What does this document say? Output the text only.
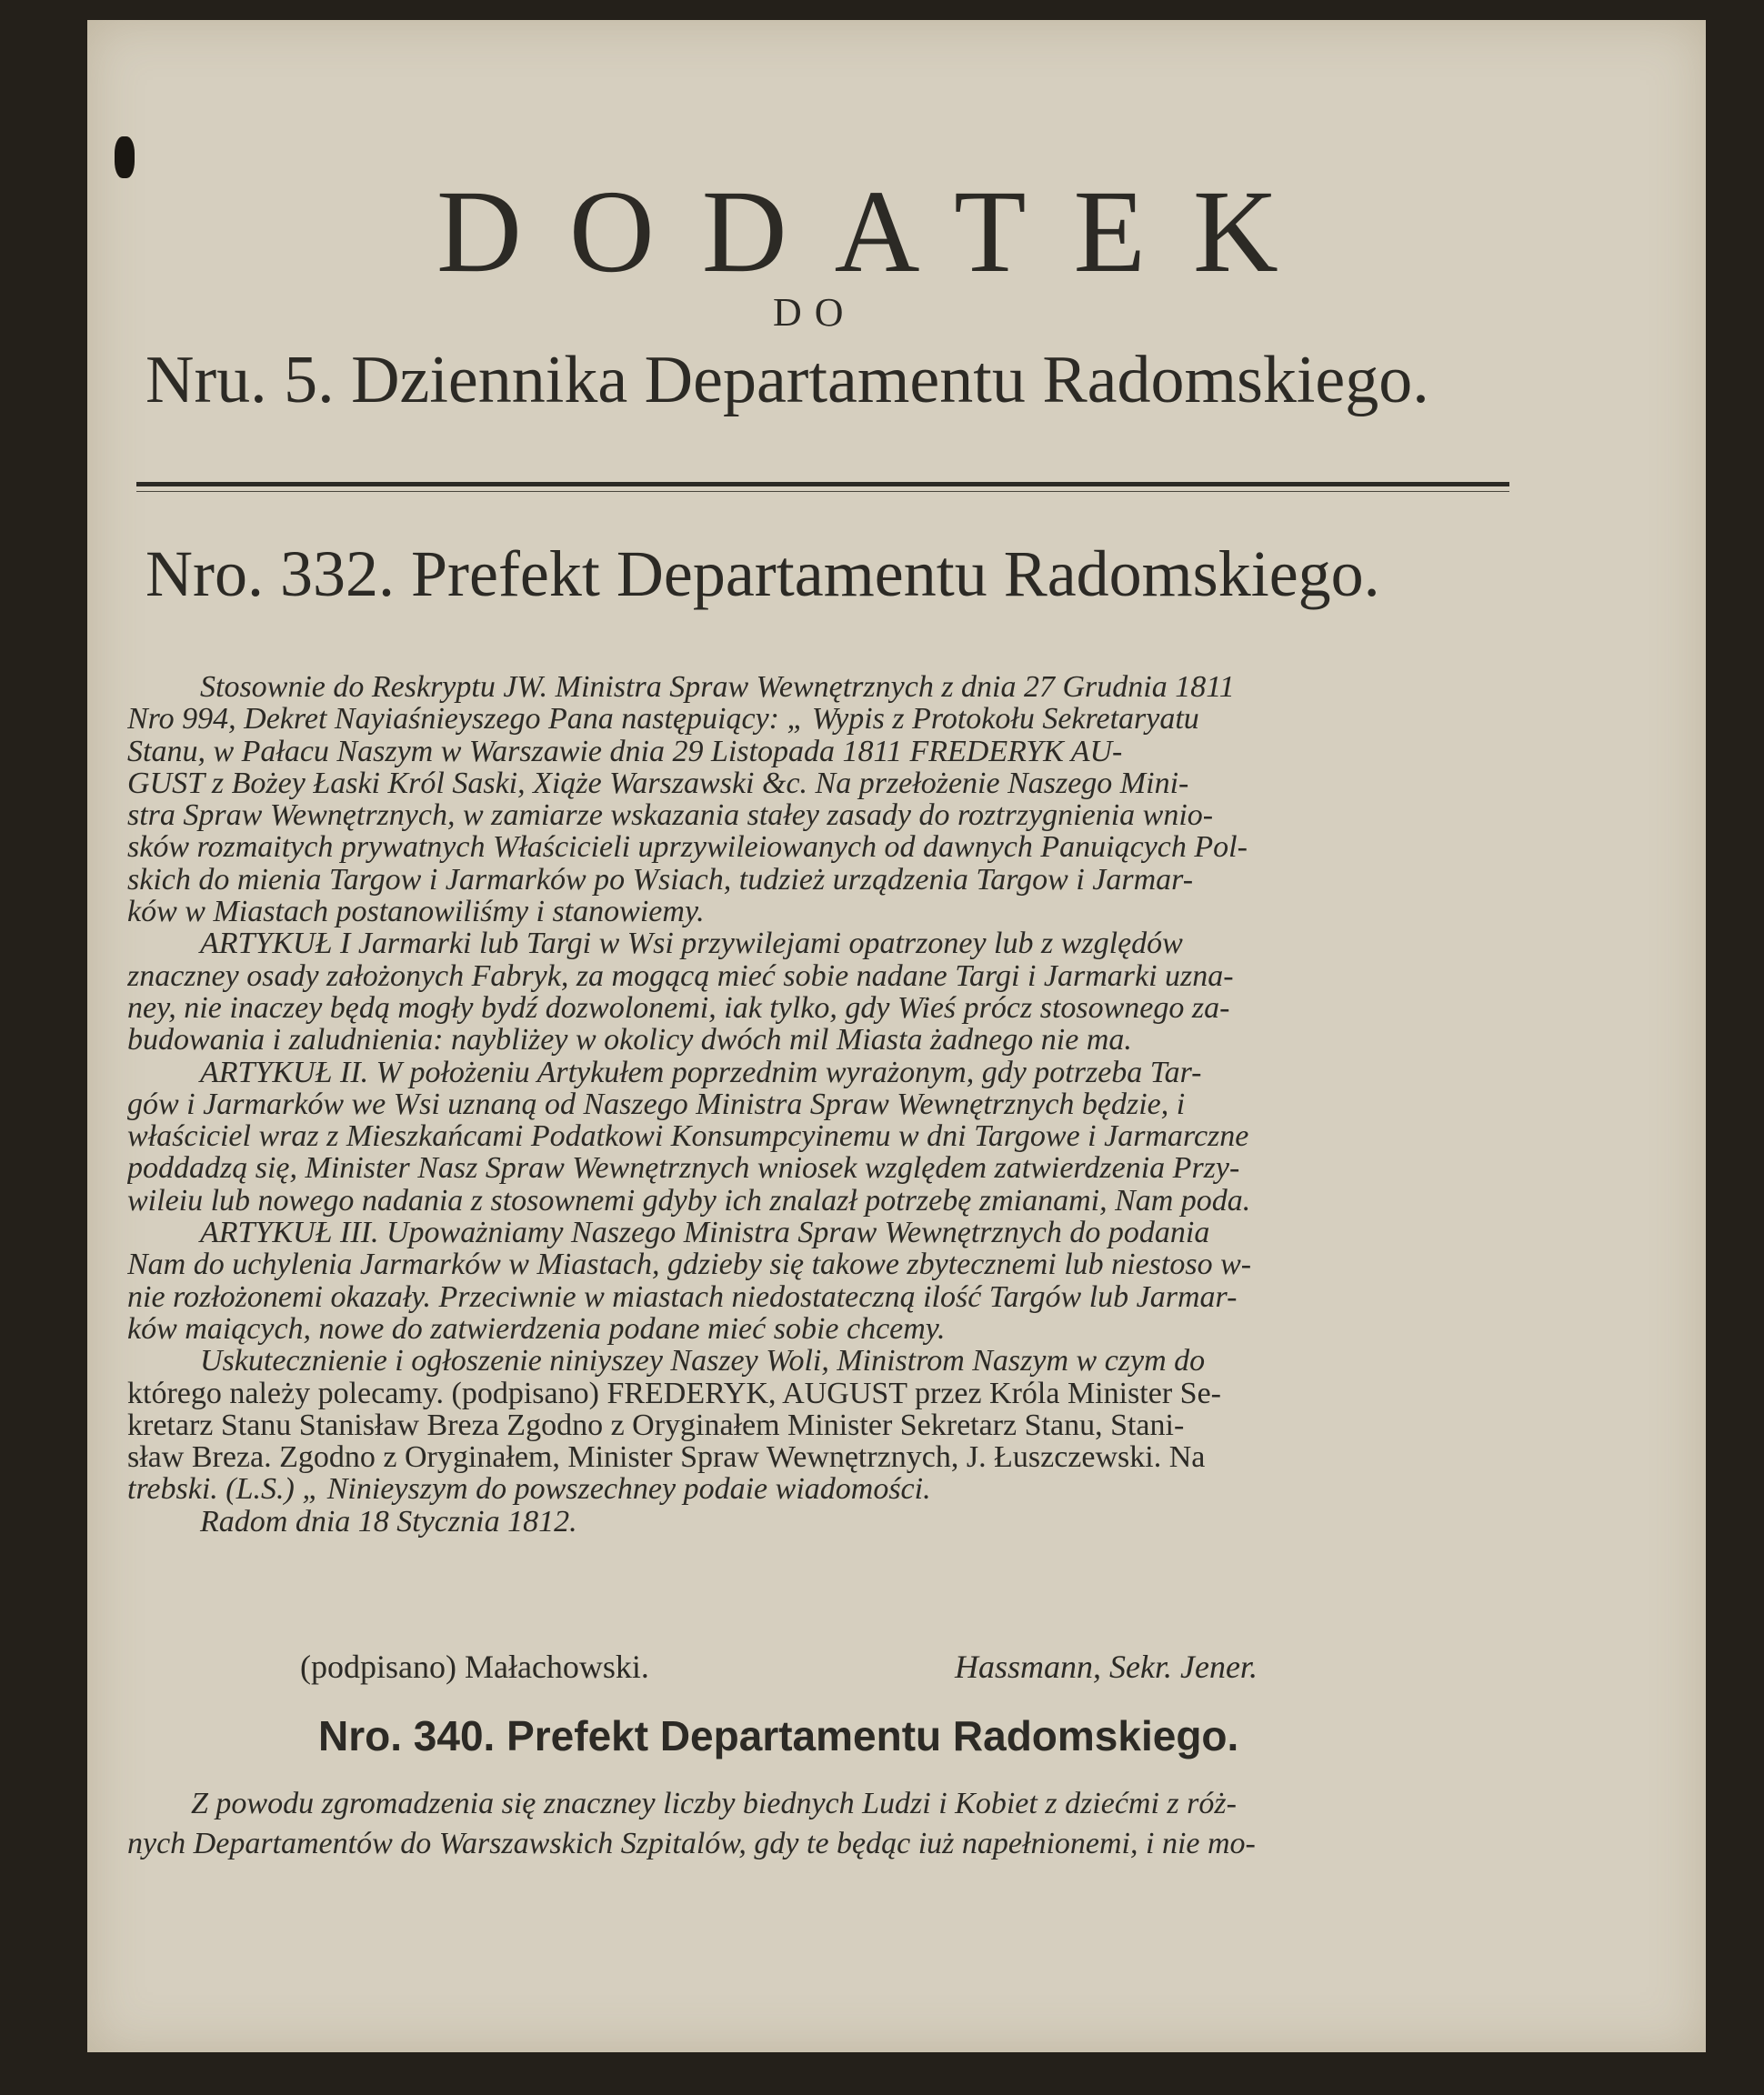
DODATEK
DO
Nru. 5. Dziennika Departamentu Radomskiego.
Nro. 332. Prefekt Departamentu Radomskiego.
Stosownie do Reskryptu JW. Ministra Spraw Wewnętrznych z dnia 27 Grudnia 1811
Nro 994, Dekret Nayiaśnieyszego Pana następuiący: „ Wypis z Protokołu Sekretaryatu
Stanu, w Pałacu Naszym w Warszawie dnia 29 Listopada 1811 FREDERYK AU-
GUST z Bożey Łaski Król Saski, Xiąże Warszawski &c. Na przełożenie Naszego Mini-
stra Spraw Wewnętrznych, w zamiarze wskazania stałey zasady do roztrzygnienia wnio-
sków rozmaitych prywatnych Właścicieli uprzywileiowanych od dawnych Panuiących Pol-
skich do mienia Targow i Jarmarków po Wsiach, tudzież urządzenia Targow i Jarmar-
ków w Miastach postanowiliśmy i stanowiemy.
ARTYKUŁ I Jarmarki lub Targi w Wsi przywilejami opatrzoney lub z względów
znaczney osady założonych Fabryk, za mogącą mieć sobie nadane Targi i Jarmarki uzna-
ney, nie inaczey będą mogły bydź dozwolonemi, iak tylko, gdy Wieś prócz stosownego za-
budowania i zaludnienia: naybliżey w okolicy dwóch mil Miasta żadnego nie ma.
ARTYKUŁ II. W położeniu Artykułem poprzednim wyrażonym, gdy potrzeba Tar-
gów i Jarmarków we Wsi uznaną od Naszego Ministra Spraw Wewnętrznych będzie, i
właściciel wraz z Mieszkańcami Podatkowi Konsumpcyinemu w dni Targowe i Jarmarczne
poddadzą się, Minister Nasz Spraw Wewnętrznych wniosek względem zatwierdzenia Przy-
wileiu lub nowego nadania z stosownemi gdyby ich znalazł potrzebę zmianami, Nam poda.
ARTYKUŁ III. Upoważniamy Naszego Ministra Spraw Wewnętrznych do podania
Nam do uchylenia Jarmarków w Miastach, gdzieby się takowe zbytecznemi lub niestoso w-
nie rozłożonemi okazały. Przeciwnie w miastach niedostateczną ilość Targów lub Jarmar-
ków maiących, nowe do zatwierdzenia podane mieć sobie chcemy.
Uskutecznienie i ogłoszenie niniyszey Naszey Woli, Ministrom Naszym w czym do
którego należy polecamy. (podpisano) FREDERYK, AUGUST przez Króla Minister Se-
kretarz Stanu Stanisław Breza Zgodno z Oryginałem Minister Sekretarz Stanu, Stani-
sław Breza. Zgodno z Oryginałem, Minister Spraw Wewnętrznych, J. Łuszczewski. Na
trebski. (L.S.) „ Ninieyszym do powszechney podaie wiadomości.
Radom dnia 18 Stycznia 1812.
(podpisano) Małachowski.	Hassmann, Sekr. Jener.
Nro. 340. Prefekt Departamentu Radomskiego.
Z powodu zgromadzenia się znaczney liczby biednych Ludzi i Kobiet z dziećmi z róż-
nych Departamentów do Warszawskich Szpitalów, gdy te będąc iuż napełnionemi, i nie mo-
